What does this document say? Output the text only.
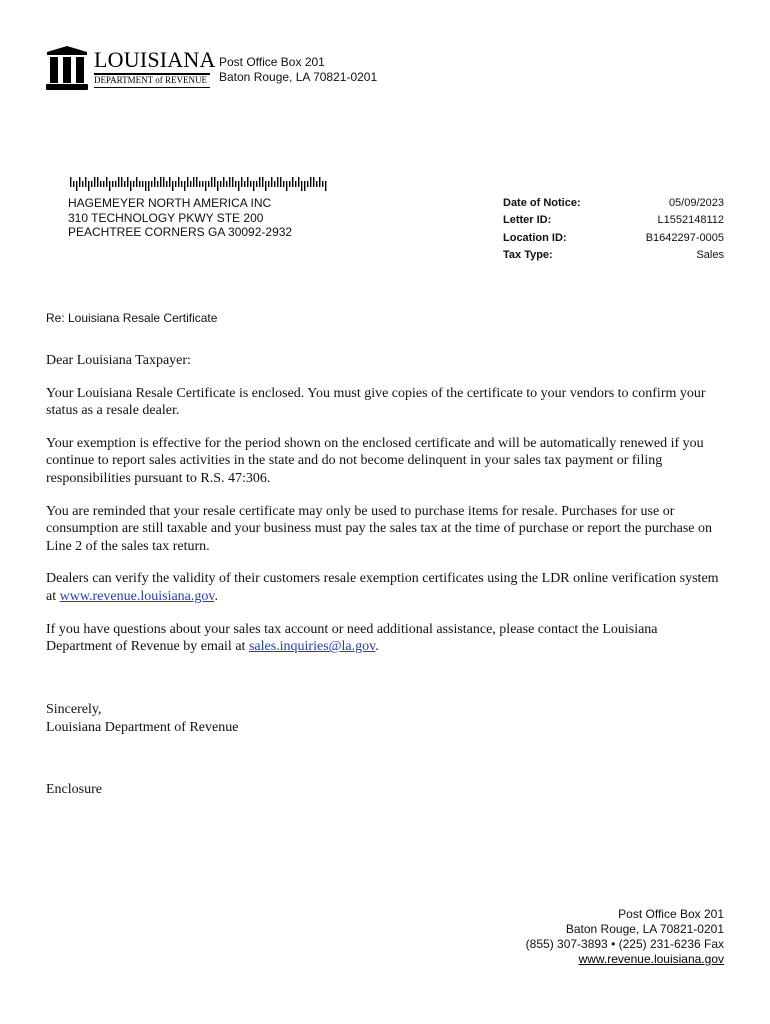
LOUISIANA
DEPARTMENT of REVENUE
Post Office Box 201
Baton Rouge, LA 70821-0201
HAGEMEYER NORTH AMERICA INC
310 TECHNOLOGY PKWY STE 200
PEACHTREE CORNERS GA 30092-2932
Date of Notice:	05/09/2023
Letter ID:	L1552148112
Location ID:	B1642297-0005
Tax Type:	Sales
Re: Louisiana Resale Certificate

Dear Louisiana Taxpayer:

Your Louisiana Resale Certificate is enclosed. You must give copies of the certificate to your vendors to confirm your status as a resale dealer.

Your exemption is effective for the period shown on the enclosed certificate and will be automatically renewed if you continue to report sales activities in the state and do not become delinquent in your sales tax payment or filing responsibilities pursuant to R.S. 47:306.

You are reminded that your resale certificate may only be used to purchase items for resale. Purchases for use or consumption are still taxable and your business must pay the sales tax at the time of purchase or report the purchase on Line 2 of the sales tax return.

Dealers can verify the validity of their customers resale exemption certificates using the LDR online verification system at www.revenue.louisiana.gov.

If you have questions about your sales tax account or need additional assistance, please contact the Louisiana Department of Revenue by email at sales.inquiries@la.gov.

Sincerely,
Louisiana Department of Revenue
Enclosure
Post Office Box 201
Baton Rouge, LA 70821-0201
(855) 307-3893 • (225) 231-6236 Fax
www.revenue.louisiana.gov
